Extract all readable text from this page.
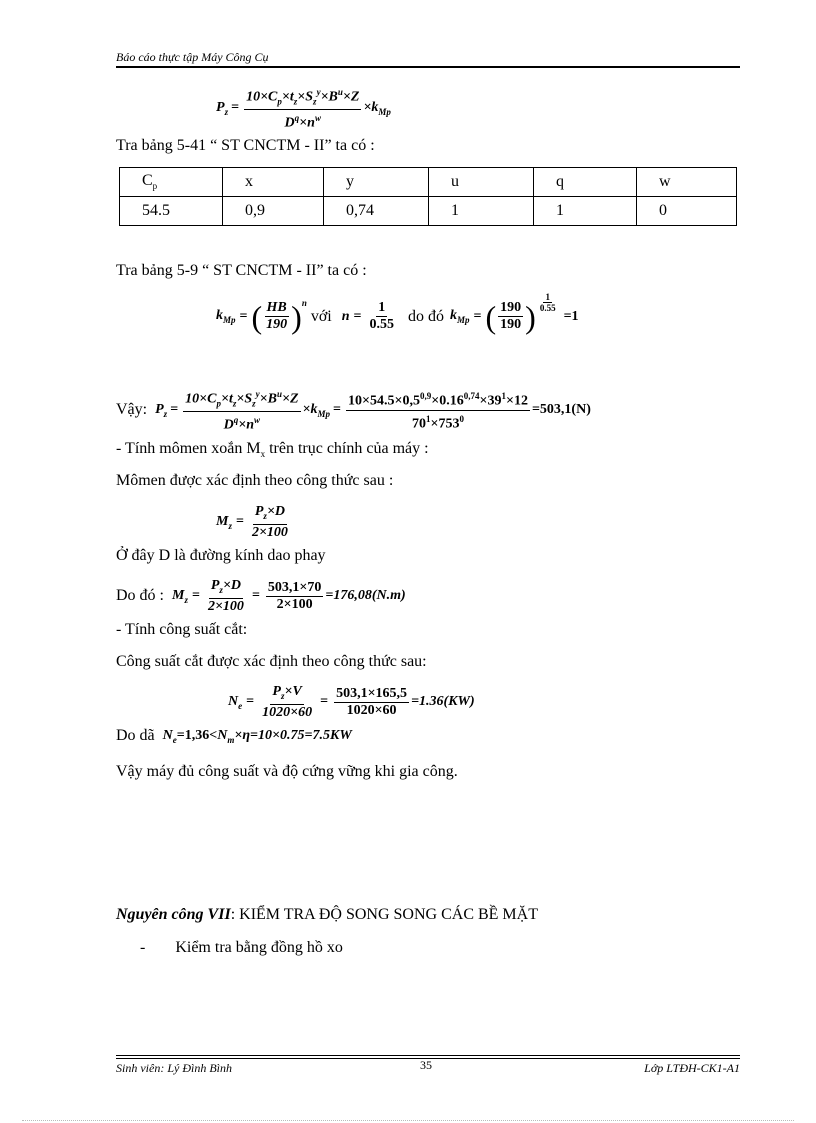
Báo cáo thực tập Máy Công Cụ
$P_z = \frac{10\times C_p\times t_z\times S_z^y\times B^u\times Z}{D^q\times n^w} \times k_{Mp}$
Tra bảng 5-41 “ ST CNCTM - II” ta có :
$C_p$	x	y	u	q	w
54.5	0,9	0,74	1	1	0
Tra bảng 5-9 “ ST CNCTM - II” ta có :
$k_{Mp}$ = ( $\frac{HB}{190} )^n$
với $n = \frac{1}{0.55}$ do đó $k_{Mp}$ = ( $\frac{190}{190}$ ) $\frac{1}{0.55}$
=1
Vậy: $P_z = \frac{10\times C_p\times t_z\times S_z^y\times B^u\times Z}{D^q\times n^w} \times k_{Mp} = \frac{10\times 54.5\times 0,5^{0,9}\times 0.16^{0,74}\times 39^1\times 12}{70^1\times 753^0} =503,1(N)$
- Tính mômen xoắn $M_x$ trên trục chính của máy :
Mômen được xác định theo công thức sau :
$M_z = \frac{P_z\times D}{2\times 100}$
Ở đây D là đường kính dao phay
Do đó : $M_z = \frac{P_z\times D}{2\times 100} = \frac{503,1\times 70}{2\times 100} =176,08(N.m)$
- Tính công suất cắt:
Công suất cắt được xác định theo công thức sau:
$N_e = \frac{P_z\times V}{1020\times 60} = \frac{503,1\times 165,5}{1020\times 60} =1.36(KW)$
Do dã $N_e =1,36< N_m \times\eta=10\times 0.75=7.5KW$
Vậy máy đủ công suất và độ cứng vững khi gia công.
Nguyên công VII: KIỂM TRA ĐỘ SONG SONG CÁC BỀ MẶT
- Kiểm tra bằng đồng hồ xo
Sinh viên: Lý Đình Bình	35	Lớp LTĐH-CK1-A1
